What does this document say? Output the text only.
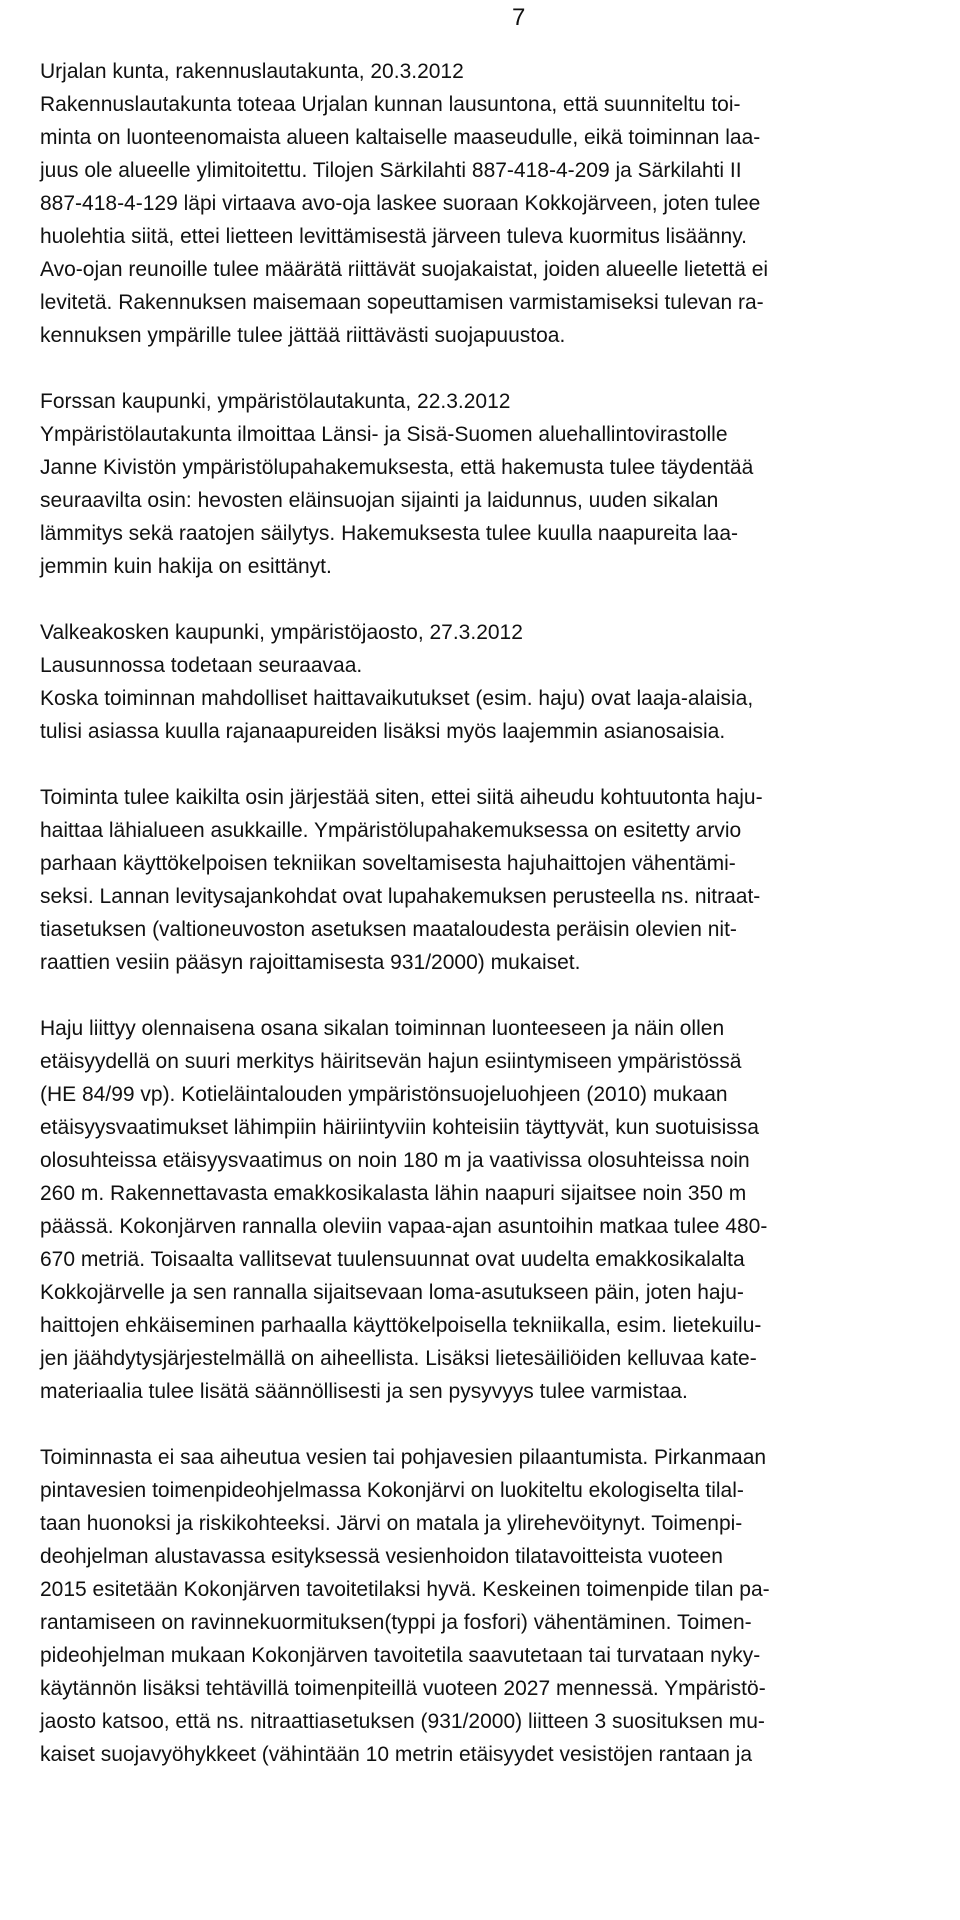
7

Urjalan kunta, rakennuslautakunta, 20.3.2012
Rakennuslautakunta toteaa Urjalan kunnan lausuntona, että suunniteltu toi-
minta on luonteenomaista alueen kaltaiselle maaseudulle, eikä toiminnan laa-
juus ole alueelle ylimitoitettu. Tilojen Särkilahti 887-418-4-209 ja Särkilahti II
887-418-4-129 läpi virtaava avo-oja laskee suoraan Kokkojärveen, joten tulee
huolehtia siitä, ettei lietteen levittämisestä järveen tuleva kuormitus lisäänny.
Avo-ojan reunoille tulee määrätä riittävät suojakaistat, joiden alueelle lietettä ei
levitetä. Rakennuksen maisemaan sopeuttamisen varmistamiseksi tulevan ra-
kennuksen ympärille tulee jättää riittävästi suojapuustoa.

Forssan kaupunki, ympäristölautakunta, 22.3.2012
Ympäristölautakunta ilmoittaa Länsi- ja Sisä-Suomen aluehallintovirastolle
Janne Kivistön ympäristölupahakemuksesta, että hakemusta tulee täydentää
seuraavilta osin: hevosten eläinsuojan sijainti ja laidunnus, uuden sikalan
lämmitys sekä raatojen säilytys. Hakemuksesta tulee kuulla naapureita laa-
jemmin kuin hakija on esittänyt.

Valkeakosken kaupunki, ympäristöjaosto, 27.3.2012
Lausunnossa todetaan seuraavaa.
Koska toiminnan mahdolliset haittavaikutukset (esim. haju) ovat laaja-alaisia,
tulisi asiassa kuulla rajanaapureiden lisäksi myös laajemmin asianosaisia.

Toiminta tulee kaikilta osin järjestää siten, ettei siitä aiheudu kohtuutonta haju-
haittaa lähialueen asukkaille. Ympäristölupahakemuksessa on esitetty arvio
parhaan käyttökelpoisen tekniikan soveltamisesta hajuhaittojen vähentämi-
seksi. Lannan levitysajankohdat ovat lupahakemuksen perusteella ns. nitraat-
tiasetuksen (valtioneuvoston asetuksen maataloudesta peräisin olevien nit-
raattien vesiin pääsyn rajoittamisesta 931/2000) mukaiset.

Haju liittyy olennaisena osana sikalan toiminnan luonteeseen ja näin ollen
etäisyydellä on suuri merkitys häiritsevän hajun esiintymiseen ympäristössä
(HE 84/99 vp). Kotieläintalouden ympäristönsuojeluohjeen (2010) mukaan
etäisyysvaatimukset lähimpiin häiriintyviin kohteisiin täyttyvät, kun suotuisissa
olosuhteissa etäisyysvaatimus on noin 180 m ja vaativissa olosuhteissa noin
260 m. Rakennettavasta emakkosikalasta lähin naapuri sijaitsee noin 350 m
päässä. Kokonjärven rannalla oleviin vapaa-ajan asuntoihin matkaa tulee 480-
670 metriä. Toisaalta vallitsevat tuulensuunnat ovat uudelta emakkosikalalta
Kokkojärvelle ja sen rannalla sijaitsevaan loma-asutukseen päin, joten haju-
haittojen ehkäiseminen parhaalla käyttökelpoisella tekniikalla, esim. lietekuilu-
jen jäähdytysjärjestelmällä on aiheellista. Lisäksi lietesäiliöiden kelluvaa kate-
materiaalia tulee lisätä säännöllisesti ja sen pysyvyys tulee varmistaa.

Toiminnasta ei saa aiheutua vesien tai pohjavesien pilaantumista. Pirkanmaan
pintavesien toimenpideohjelmassa Kokonjärvi on luokiteltu ekologiselta tilal-
taan huonoksi ja riskikohteeksi. Järvi on matala ja ylirehevöitynyt. Toimenpi-
deohjelman alustavassa esityksessä vesienhoidon tilatavoitteista vuoteen
2015 esitetään Kokonjärven tavoitetilaksi hyvä. Keskeinen toimenpide tilan pa-
rantamiseen on ravinnekuormituksen(typpi ja fosfori) vähentäminen. Toimen-
pideohjelman mukaan Kokonjärven tavoitetila saavutetaan tai turvataan nyky-
käytännön lisäksi tehtävillä toimenpiteillä vuoteen 2027 mennessä. Ympäristö-
jaosto katsoo, että ns. nitraattiasetuksen (931/2000) liitteen 3 suosituksen mu-
kaiset suojavyöhykkeet (vähintään 10 metrin etäisyydet vesistöjen rantaan ja
